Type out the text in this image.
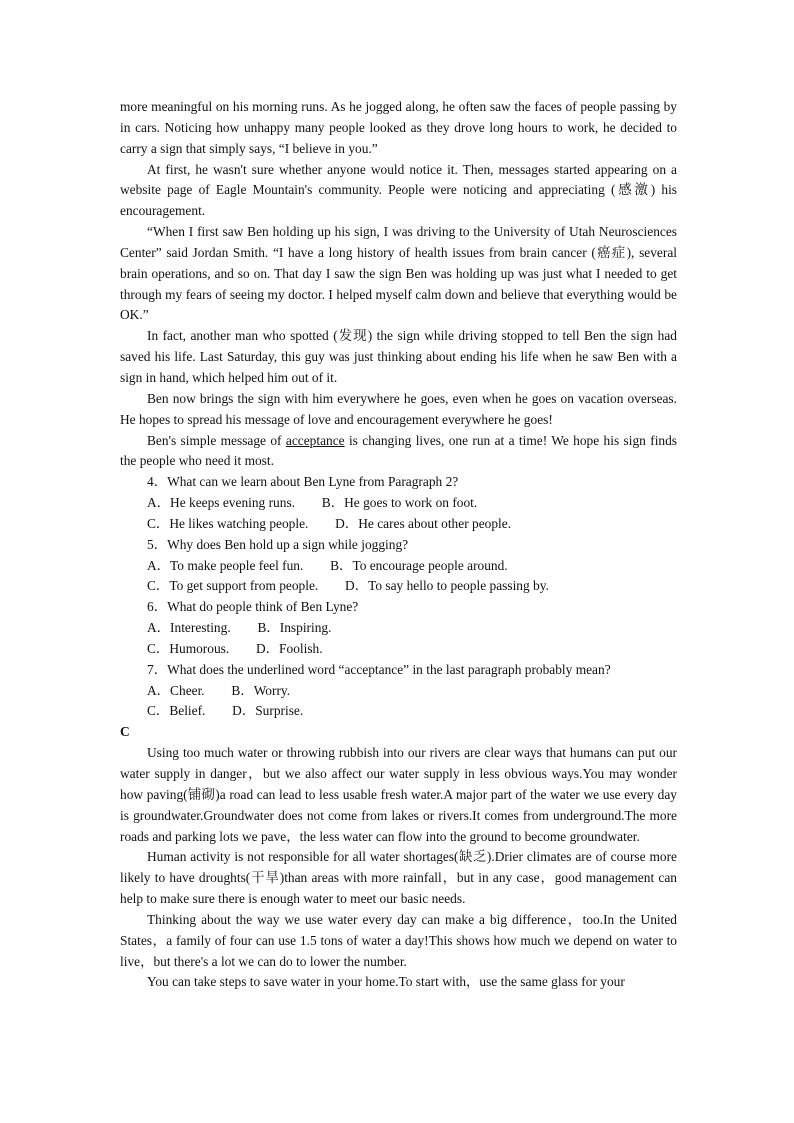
more meaningful on his morning runs. As he jogged along, he often saw the faces of people passing by in cars. Noticing how unhappy many people looked as they drove long hours to work, he decided to carry a sign that simply says, “I believe in you.”

At first, he wasn't sure whether anyone would notice it. Then, messages started appearing on a website page of Eagle Mountain's community. People were noticing and appreciating (感激) his encouragement.

“When I first saw Ben holding up his sign, I was driving to the University of Utah Neurosciences Center” said Jordan Smith. “I have a long history of health issues from brain cancer (癌症), several brain operations, and so on. That day I saw the sign Ben was holding up was just what I needed to get through my fears of seeing my doctor. I helped myself calm down and believe that everything would be OK.”

In fact, another man who spotted (发现) the sign while driving stopped to tell Ben the sign had saved his life. Last Saturday, this guy was just thinking about ending his life when he saw Ben with a sign in hand, which helped him out of it.

Ben now brings the sign with him everywhere he goes, even when he goes on vacation overseas. He hopes to spread his message of love and encouragement everywhere he goes!

Ben's simple message of acceptance is changing lives, one run at a time! We hope his sign finds the people who need it most.

4．What can we learn about Ben Lyne from Paragraph 2?

A．He keeps evening runs.        B．He goes to work on foot.

C．He likes watching people.        D．He cares about other people.

5．Why does Ben hold up a sign while jogging?

A．To make people feel fun.        B．To encourage people around.

C．To get support from people.        D．To say hello to people passing by.

6．What do people think of Ben Lyne?

A．Interesting.        B．Inspiring.

C．Humorous.        D．Foolish.

7．What does the underlined word “acceptance” in the last paragraph probably mean?

A．Cheer.        B．Worry.

C．Belief.        D．Surprise.

C

Using too much water or throwing rubbish into our rivers are clear ways that humans can put our water supply in danger，but we also affect our water supply in less obvious ways.You may wonder how paving(铺砌)a road can lead to less usable fresh water.A major part of the water we use every day is groundwater.Groundwater does not come from lakes or rivers.It comes from underground.The more roads and parking lots we pave，the less water can flow into the ground to become groundwater.

Human activity is not responsible for all water shortages(缺乏).Drier climates are of course more likely to have droughts(干旱)than areas with more rainfall，but in any case，good management can help to make sure there is enough water to meet our basic needs.

Thinking about the way we use water every day can make a big difference，too.In the United States，a family of four can use 1.5 tons of water a day!This shows how much we depend on water to live，but there's a lot we can do to lower the number.

You can take steps to save water in your home.To start with，use the same glass for your
